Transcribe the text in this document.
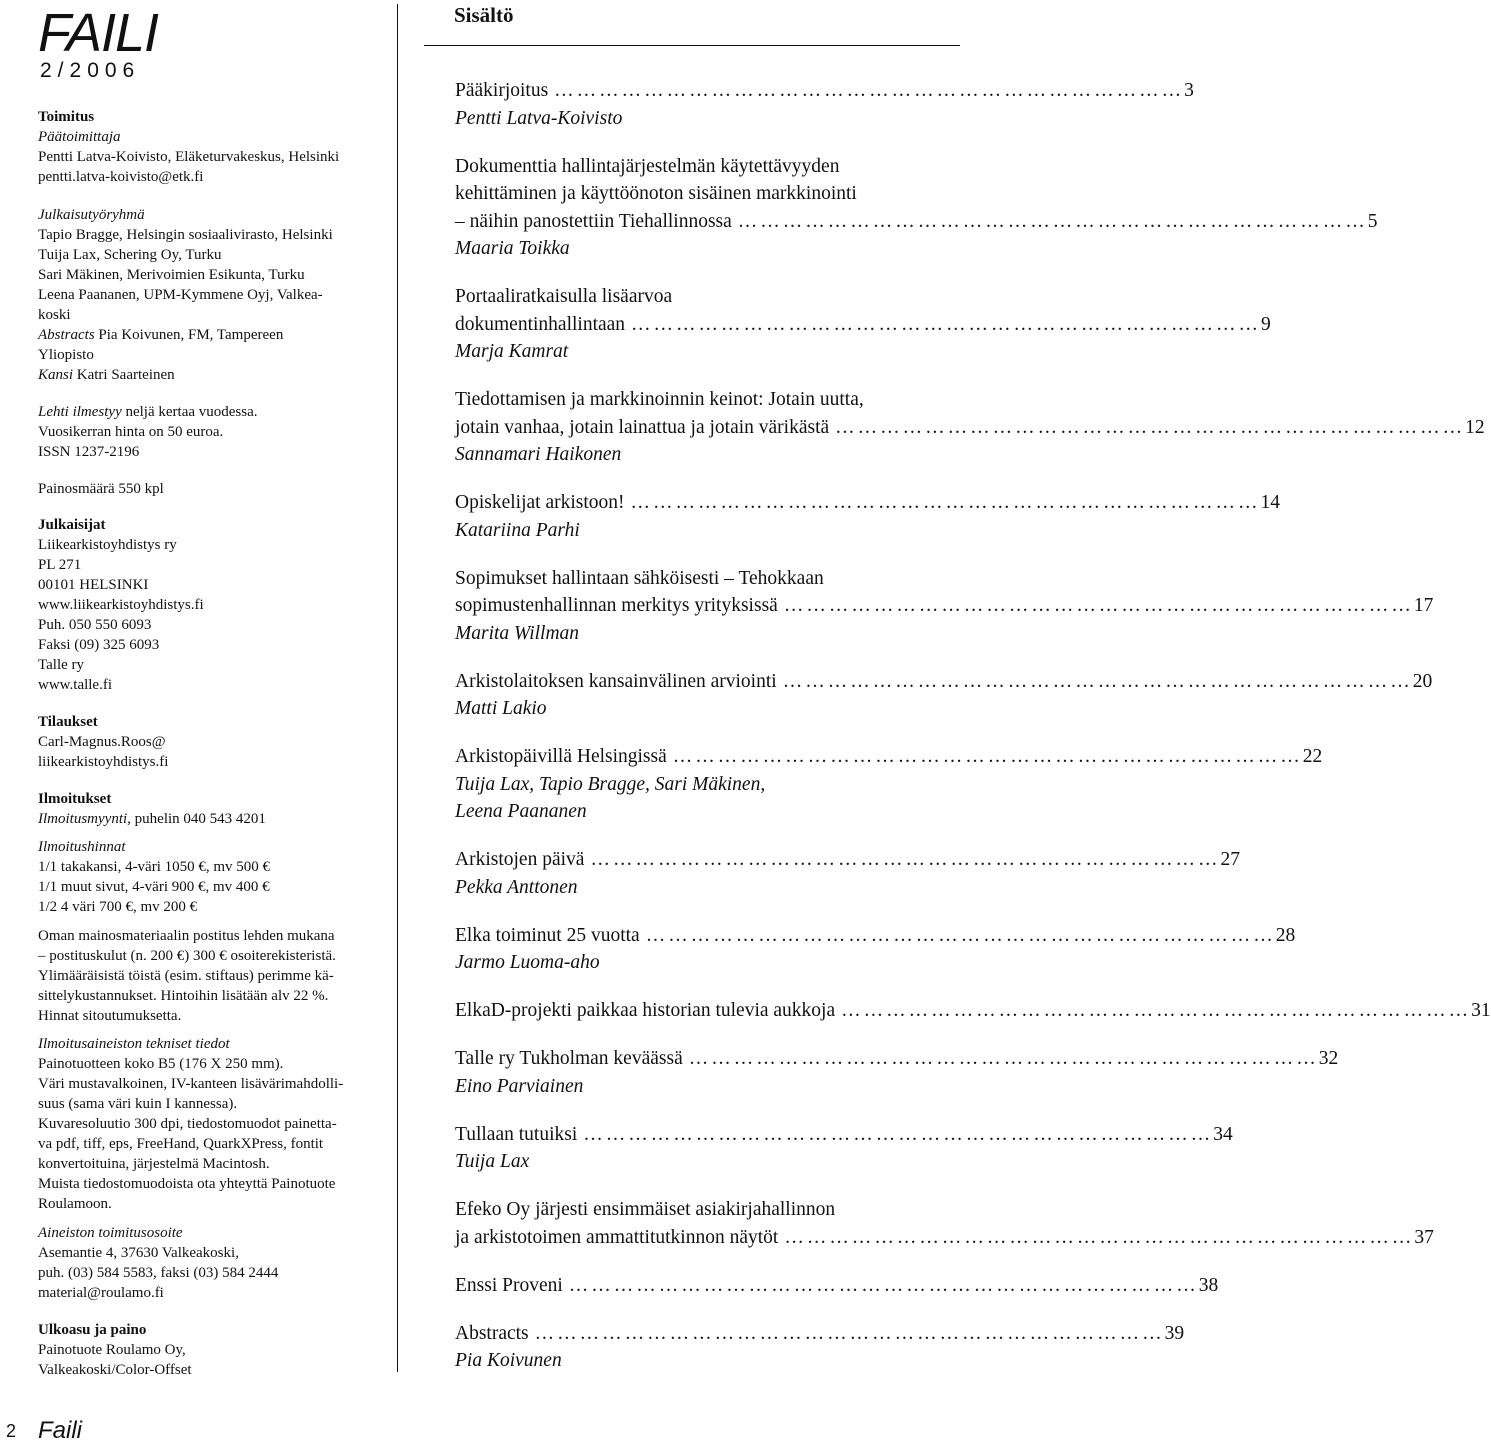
FAILI
2/2006
Toimitus
Päätoimittaja
Pentti Latva-Koivisto, Eläketurvakeskus, Helsinki
pentti.latva-koivisto@etk.fi
Julkaisutyöryhmä
Tapio Bragge, Helsingin sosiaalivirasto, Helsinki
Tuija Lax, Schering Oy, Turku
Sari Mäkinen, Merivoimien Esikunta, Turku
Leena Paananen, UPM-Kymmene Oyj, Valkea-
koski
Abstracts Pia Koivunen, FM, Tampereen
Yliopisto
Kansi Katri Saarteinen
Lehti ilmestyy neljä kertaa vuodessa.
Vuosikerran hinta on 50 euroa.
ISSN 1237-2196
Painosmäärä 550 kpl
Julkaisijat
Liikearkistoyhdistys ry
PL 271
00101 HELSINKI
www.liikearkistoyhdistys.fi
Puh. 050 550 6093
Faksi (09) 325 6093
Talle ry
www.talle.fi
Tilaukset
Carl-Magnus.Roos@
liikearkistoyhdistys.fi
Ilmoitukset
Ilmoitusmyynti, puhelin 040 543 4201
Ilmoitushinnat
1/1 takakansi, 4-väri 1050 €, mv 500 €
1/1 muut sivut, 4-väri 900 €, mv 400 €
1/2 4 väri 700 €, mv 200 €
Oman mainosmateriaalin postitus lehden mukana
– postituskulut (n. 200 €) 300 € osoiterekisteristä.
Ylimääräisistä töistä (esim. stiftaus) perimme kä-
sittelykustannukset. Hintoihin lisätään alv 22 %.
Hinnat sitoutumuksetta.
Ilmoitusaineiston tekniset tiedot
Painotuotteen koko B5 (176 X 250 mm).
Väri mustavalkoinen, IV-kanteen lisävärimahdolli-
suus (sama väri kuin I kannessa).
Kuvaresoluutio 300 dpi, tiedostomuodot painetta-
va pdf, tiff, eps, FreeHand, QuarkXPress, fontit
konvertoituina, järjestelmä Macintosh.
Muista tiedostomuodoista ota yhteyttä Painotuote
Roulamoon.
Aineiston toimitusosoite
Asemantie 4, 37630 Valkeakoski,
puh. (03) 584 5583, faksi (03) 584 2444
material@roulamo.fi
Ulkoasu ja paino
Painotuote Roulamo Oy,
Valkeakoski/Color-Offset
Sisältö
Pääkirjoitus ………………………………………………………………………… 3
Pentti Latva-Koivisto
Dokumenttia hallintajärjestelmän käytettävyyden
kehittäminen ja käyttöönoton sisäinen markkinointi
– näihin panostettiin Tiehallinnossa ………………………………………………………………………… 5
Maaria Toikka
Portaaliratkaisulla lisäarvoa
dokumentinhallintaan ………………………………………………………………………… 9
Marja Kamrat
Tiedottamisen ja markkinoinnin keinot: Jotain uutta,
jotain vanhaa, jotain lainattua ja jotain värikästä ………………………………………………………………………… 12
Sannamari Haikonen
Opiskelijat arkistoon! ………………………………………………………………………… 14
Katariina Parhi
Sopimukset hallintaan sähköisesti – Tehokkaan
sopimustenhallinnan merkitys yrityksissä ………………………………………………………………………… 17
Marita Willman
Arkistolaitoksen kansainvälinen arviointi ………………………………………………………………………… 20
Matti Lakio
Arkistopäivillä Helsingissä ………………………………………………………………………… 22
Tuija Lax, Tapio Bragge, Sari Mäkinen,
Leena Paananen
Arkistojen päivä ………………………………………………………………………… 27
Pekka Anttonen
Elka toiminut 25 vuotta ………………………………………………………………………… 28
Jarmo Luoma-aho
ElkaD-projekti paikkaa historian tulevia aukkoja ………………………………………………………………………… 31
Talle ry Tukholman keväässä ………………………………………………………………………… 32
Eino Parviainen
Tullaan tutuiksi ………………………………………………………………………… 34
Tuija Lax
Efeko Oy järjesti ensimmäiset asiakirjahallinnon
ja arkistotoimen ammattitutkinnon näytöt ………………………………………………………………………… 37
Enssi Proveni ………………………………………………………………………… 38
Abstracts ………………………………………………………………………… 39
Pia Koivunen
2 Faili
